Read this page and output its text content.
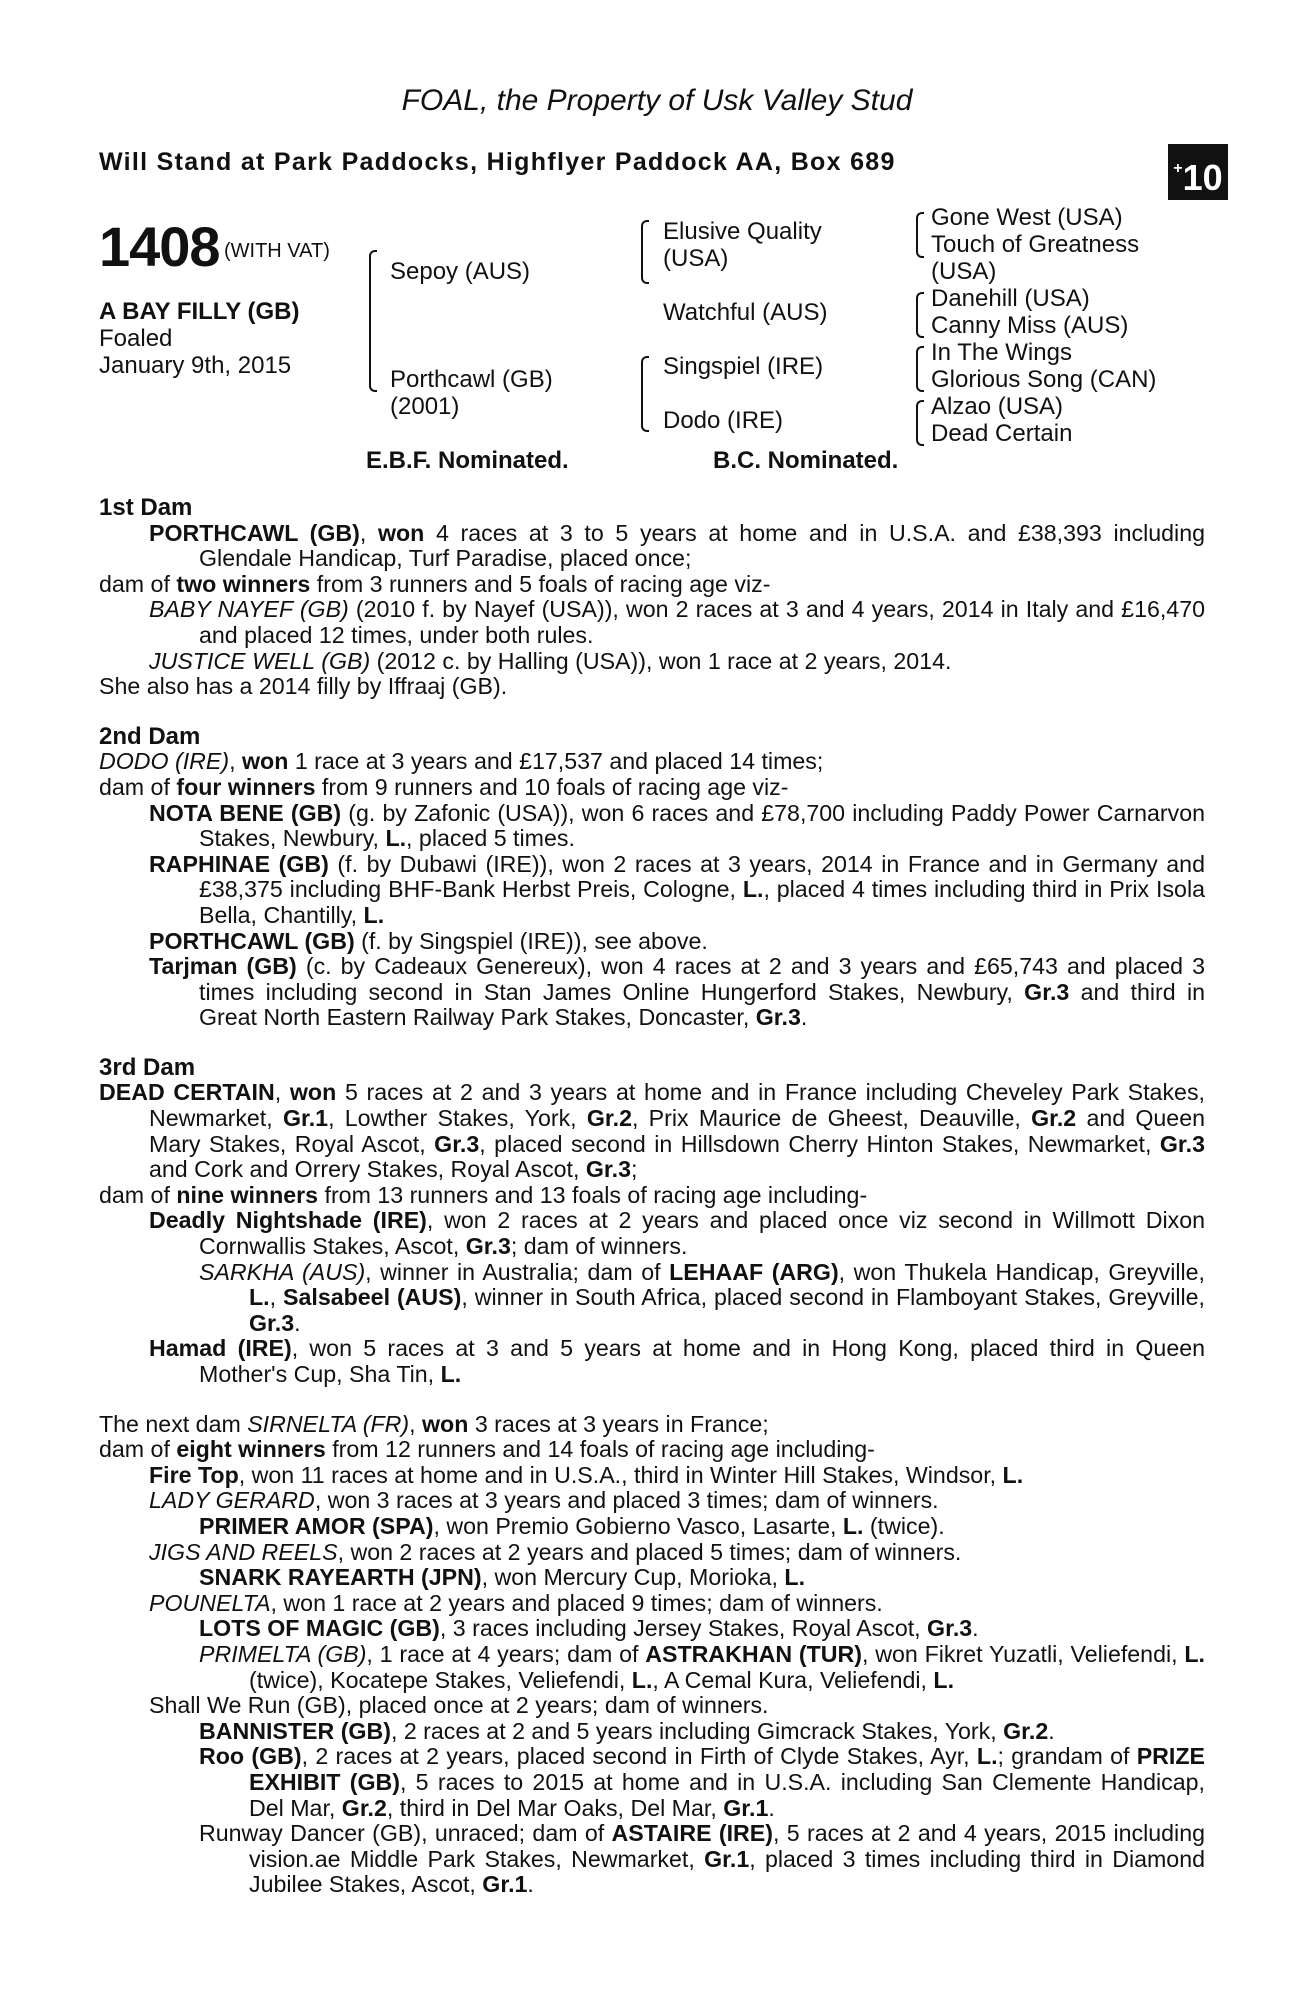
FOAL, the Property of Usk Valley Stud
Will Stand at Park Paddocks, Highflyer Paddock AA, Box 689	+10
1408 (WITH VAT)
A BAY FILLY (GB)
Foaled
January 9th, 2015
Sepoy (AUS)
Porthcawl (GB)
(2001)
Elusive Quality
(USA)
Watchful (AUS)
Singspiel (IRE)
Dodo (IRE)
Gone West (USA)
Touch of Greatness
(USA)
Danehill (USA)
Canny Miss (AUS)
In The Wings
Glorious Song (CAN)
Alzao (USA)
Dead Certain
E.B.F. Nominated.	B.C. Nominated.

1st Dam

PORTHCAWL (GB), won 4 races at 3 to 5 years at home and in U.S.A. and £38,393 including Glendale Handicap, Turf Paradise, placed once;

dam of two winners from 3 runners and 5 foals of racing age viz-

BABY NAYEF (GB) (2010 f. by Nayef (USA)), won 2 races at 3 and 4 years, 2014 in Italy and £16,470 and placed 12 times, under both rules.

JUSTICE WELL (GB) (2012 c. by Halling (USA)), won 1 race at 2 years, 2014.

She also has a 2014 filly by Iffraaj (GB).

2nd Dam

DODO (IRE), won 1 race at 3 years and £17,537 and placed 14 times;

dam of four winners from 9 runners and 10 foals of racing age viz-

NOTA BENE (GB) (g. by Zafonic (USA)), won 6 races and £78,700 including Paddy Power Carnarvon Stakes, Newbury, L., placed 5 times.

RAPHINAE (GB) (f. by Dubawi (IRE)), won 2 races at 3 years, 2014 in France and in Germany and £38,375 including BHF-Bank Herbst Preis, Cologne, L., placed 4 times including third in Prix Isola Bella, Chantilly, L.

PORTHCAWL (GB) (f. by Singspiel (IRE)), see above.

Tarjman (GB) (c. by Cadeaux Genereux), won 4 races at 2 and 3 years and £65,743 and placed 3 times including second in Stan James Online Hungerford Stakes, Newbury, Gr.3 and third in Great North Eastern Railway Park Stakes, Doncaster, Gr.3.

3rd Dam

DEAD CERTAIN, won 5 races at 2 and 3 years at home and in France including Cheveley Park Stakes, Newmarket, Gr.1, Lowther Stakes, York, Gr.2, Prix Maurice de Gheest, Deauville, Gr.2 and Queen Mary Stakes, Royal Ascot, Gr.3, placed second in Hillsdown Cherry Hinton Stakes, Newmarket, Gr.3 and Cork and Orrery Stakes, Royal Ascot, Gr.3;

dam of nine winners from 13 runners and 13 foals of racing age including-

Deadly Nightshade (IRE), won 2 races at 2 years and placed once viz second in Willmott Dixon Cornwallis Stakes, Ascot, Gr.3; dam of winners.

SARKHA (AUS), winner in Australia; dam of LEHAAF (ARG), won Thukela Handicap, Greyville, L., Salsabeel (AUS), winner in South Africa, placed second in Flamboyant Stakes, Greyville, Gr.3.

Hamad (IRE), won 5 races at 3 and 5 years at home and in Hong Kong, placed third in Queen Mother's Cup, Sha Tin, L.

The next dam SIRNELTA (FR), won 3 races at 3 years in France;

dam of eight winners from 12 runners and 14 foals of racing age including-

Fire Top, won 11 races at home and in U.S.A., third in Winter Hill Stakes, Windsor, L.

LADY GERARD, won 3 races at 3 years and placed 3 times; dam of winners.

PRIMER AMOR (SPA), won Premio Gobierno Vasco, Lasarte, L. (twice).

JIGS AND REELS, won 2 races at 2 years and placed 5 times; dam of winners.

SNARK RAYEARTH (JPN), won Mercury Cup, Morioka, L.

POUNELTA, won 1 race at 2 years and placed 9 times; dam of winners.

LOTS OF MAGIC (GB), 3 races including Jersey Stakes, Royal Ascot, Gr.3.

PRIMELTA (GB), 1 race at 4 years; dam of ASTRAKHAN (TUR), won Fikret Yuzatli, Veliefendi, L. (twice), Kocatepe Stakes, Veliefendi, L., A Cemal Kura, Veliefendi, L.

Shall We Run (GB), placed once at 2 years; dam of winners.

BANNISTER (GB), 2 races at 2 and 5 years including Gimcrack Stakes, York, Gr.2.

Roo (GB), 2 races at 2 years, placed second in Firth of Clyde Stakes, Ayr, L.; grandam of PRIZE EXHIBIT (GB), 5 races to 2015 at home and in U.S.A. including San Clemente Handicap, Del Mar, Gr.2, third in Del Mar Oaks, Del Mar, Gr.1.

Runway Dancer (GB), unraced; dam of ASTAIRE (IRE), 5 races at 2 and 4 years, 2015 including vision.ae Middle Park Stakes, Newmarket, Gr.1, placed 3 times including third in Diamond Jubilee Stakes, Ascot, Gr.1.
